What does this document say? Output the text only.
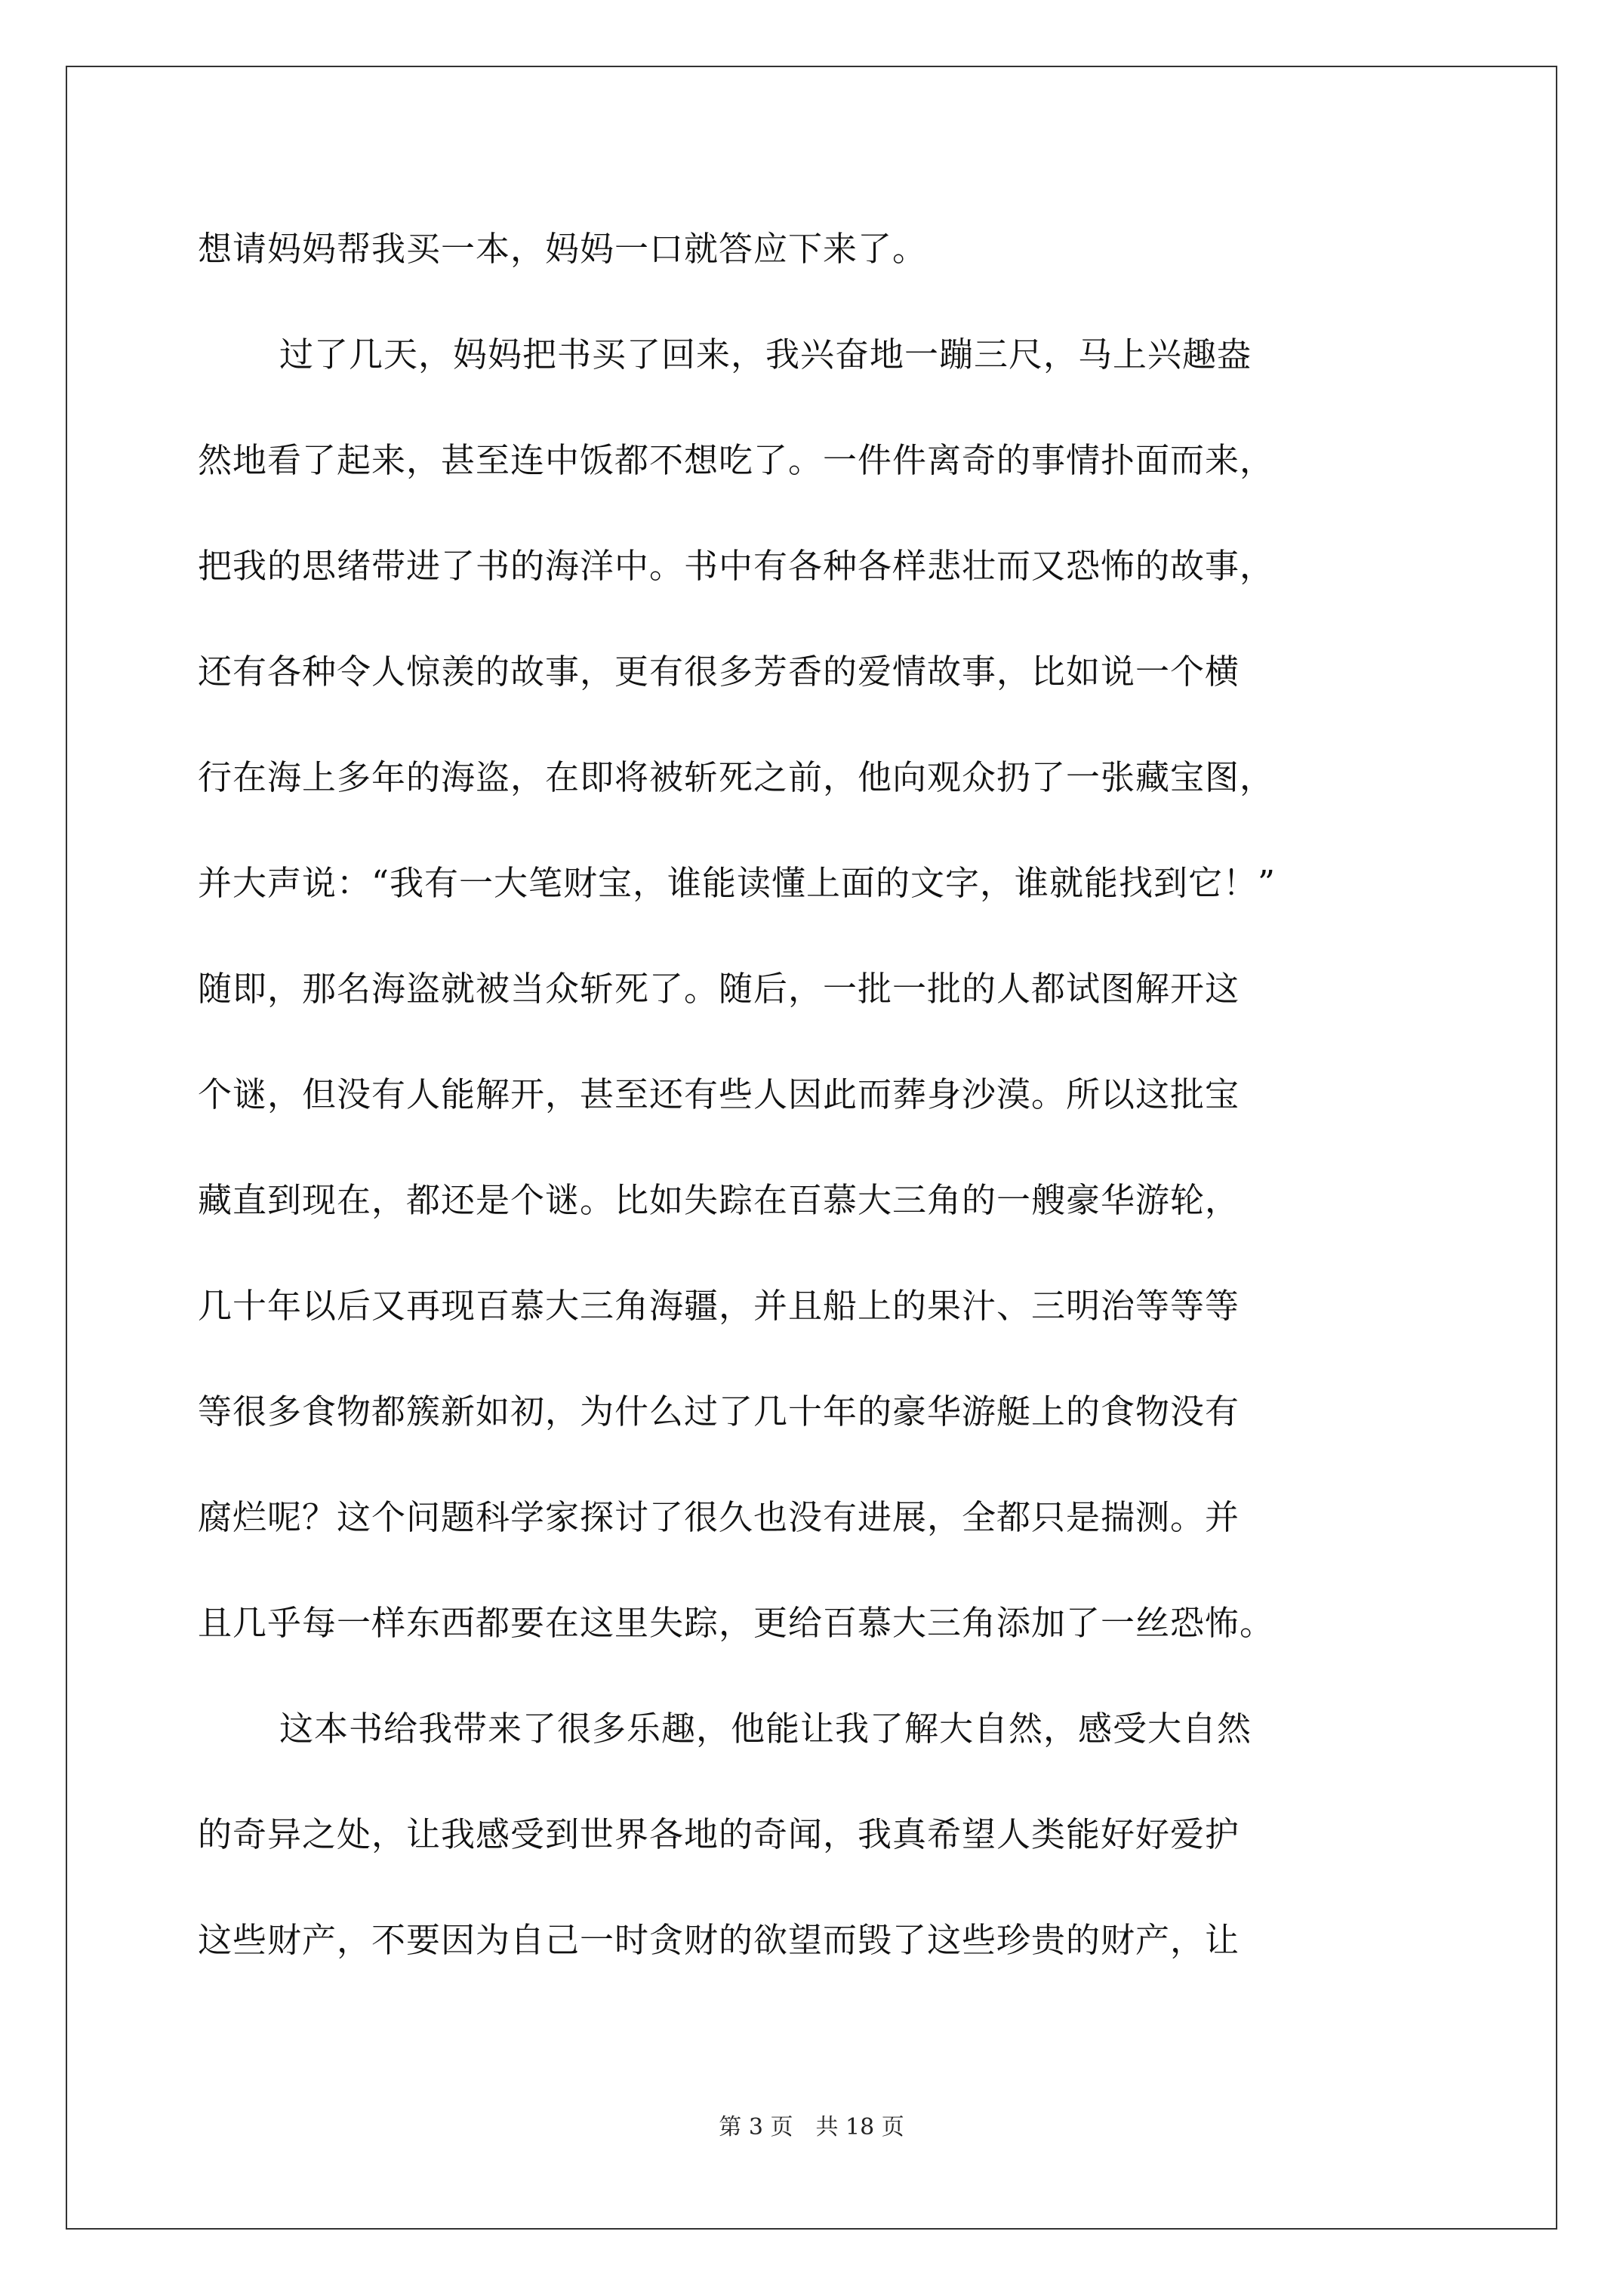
想请妈妈帮我买一本，妈妈一口就答应下来了。
过了几天，妈妈把书买了回来，我兴奋地一蹦三尺，马上兴趣盎
然地看了起来，甚至连中饭都不想吃了。一件件离奇的事情扑面而来，
把我的思绪带进了书的海洋中。书中有各种各样悲壮而又恐怖的故事，
还有各种令人惊羡的故事，更有很多芳香的爱情故事，比如说一个横
行在海上多年的海盗，在即将被斩死之前，他向观众扔了一张藏宝图，
并大声说：“我有一大笔财宝，谁能读懂上面的文字，谁就能找到它！”
随即，那名海盗就被当众斩死了。随后，一批一批的人都试图解开这
个谜，但没有人能解开，甚至还有些人因此而葬身沙漠。所以这批宝
藏直到现在，都还是个谜。比如失踪在百慕大三角的一艘豪华游轮，
几十年以后又再现百慕大三角海疆，并且船上的果汁、三明治等等等
等很多食物都簇新如初，为什么过了几十年的豪华游艇上的食物没有
腐烂呢？这个问题科学家探讨了很久也没有进展，全都只是揣测。并
且几乎每一样东西都要在这里失踪，更给百慕大三角添加了一丝恐怖。
这本书给我带来了很多乐趣，他能让我了解大自然，感受大自然
的奇异之处，让我感受到世界各地的奇闻，我真希望人类能好好爱护
这些财产，不要因为自己一时贪财的欲望而毁了这些珍贵的财产，让
第 3 页 共 18 页
